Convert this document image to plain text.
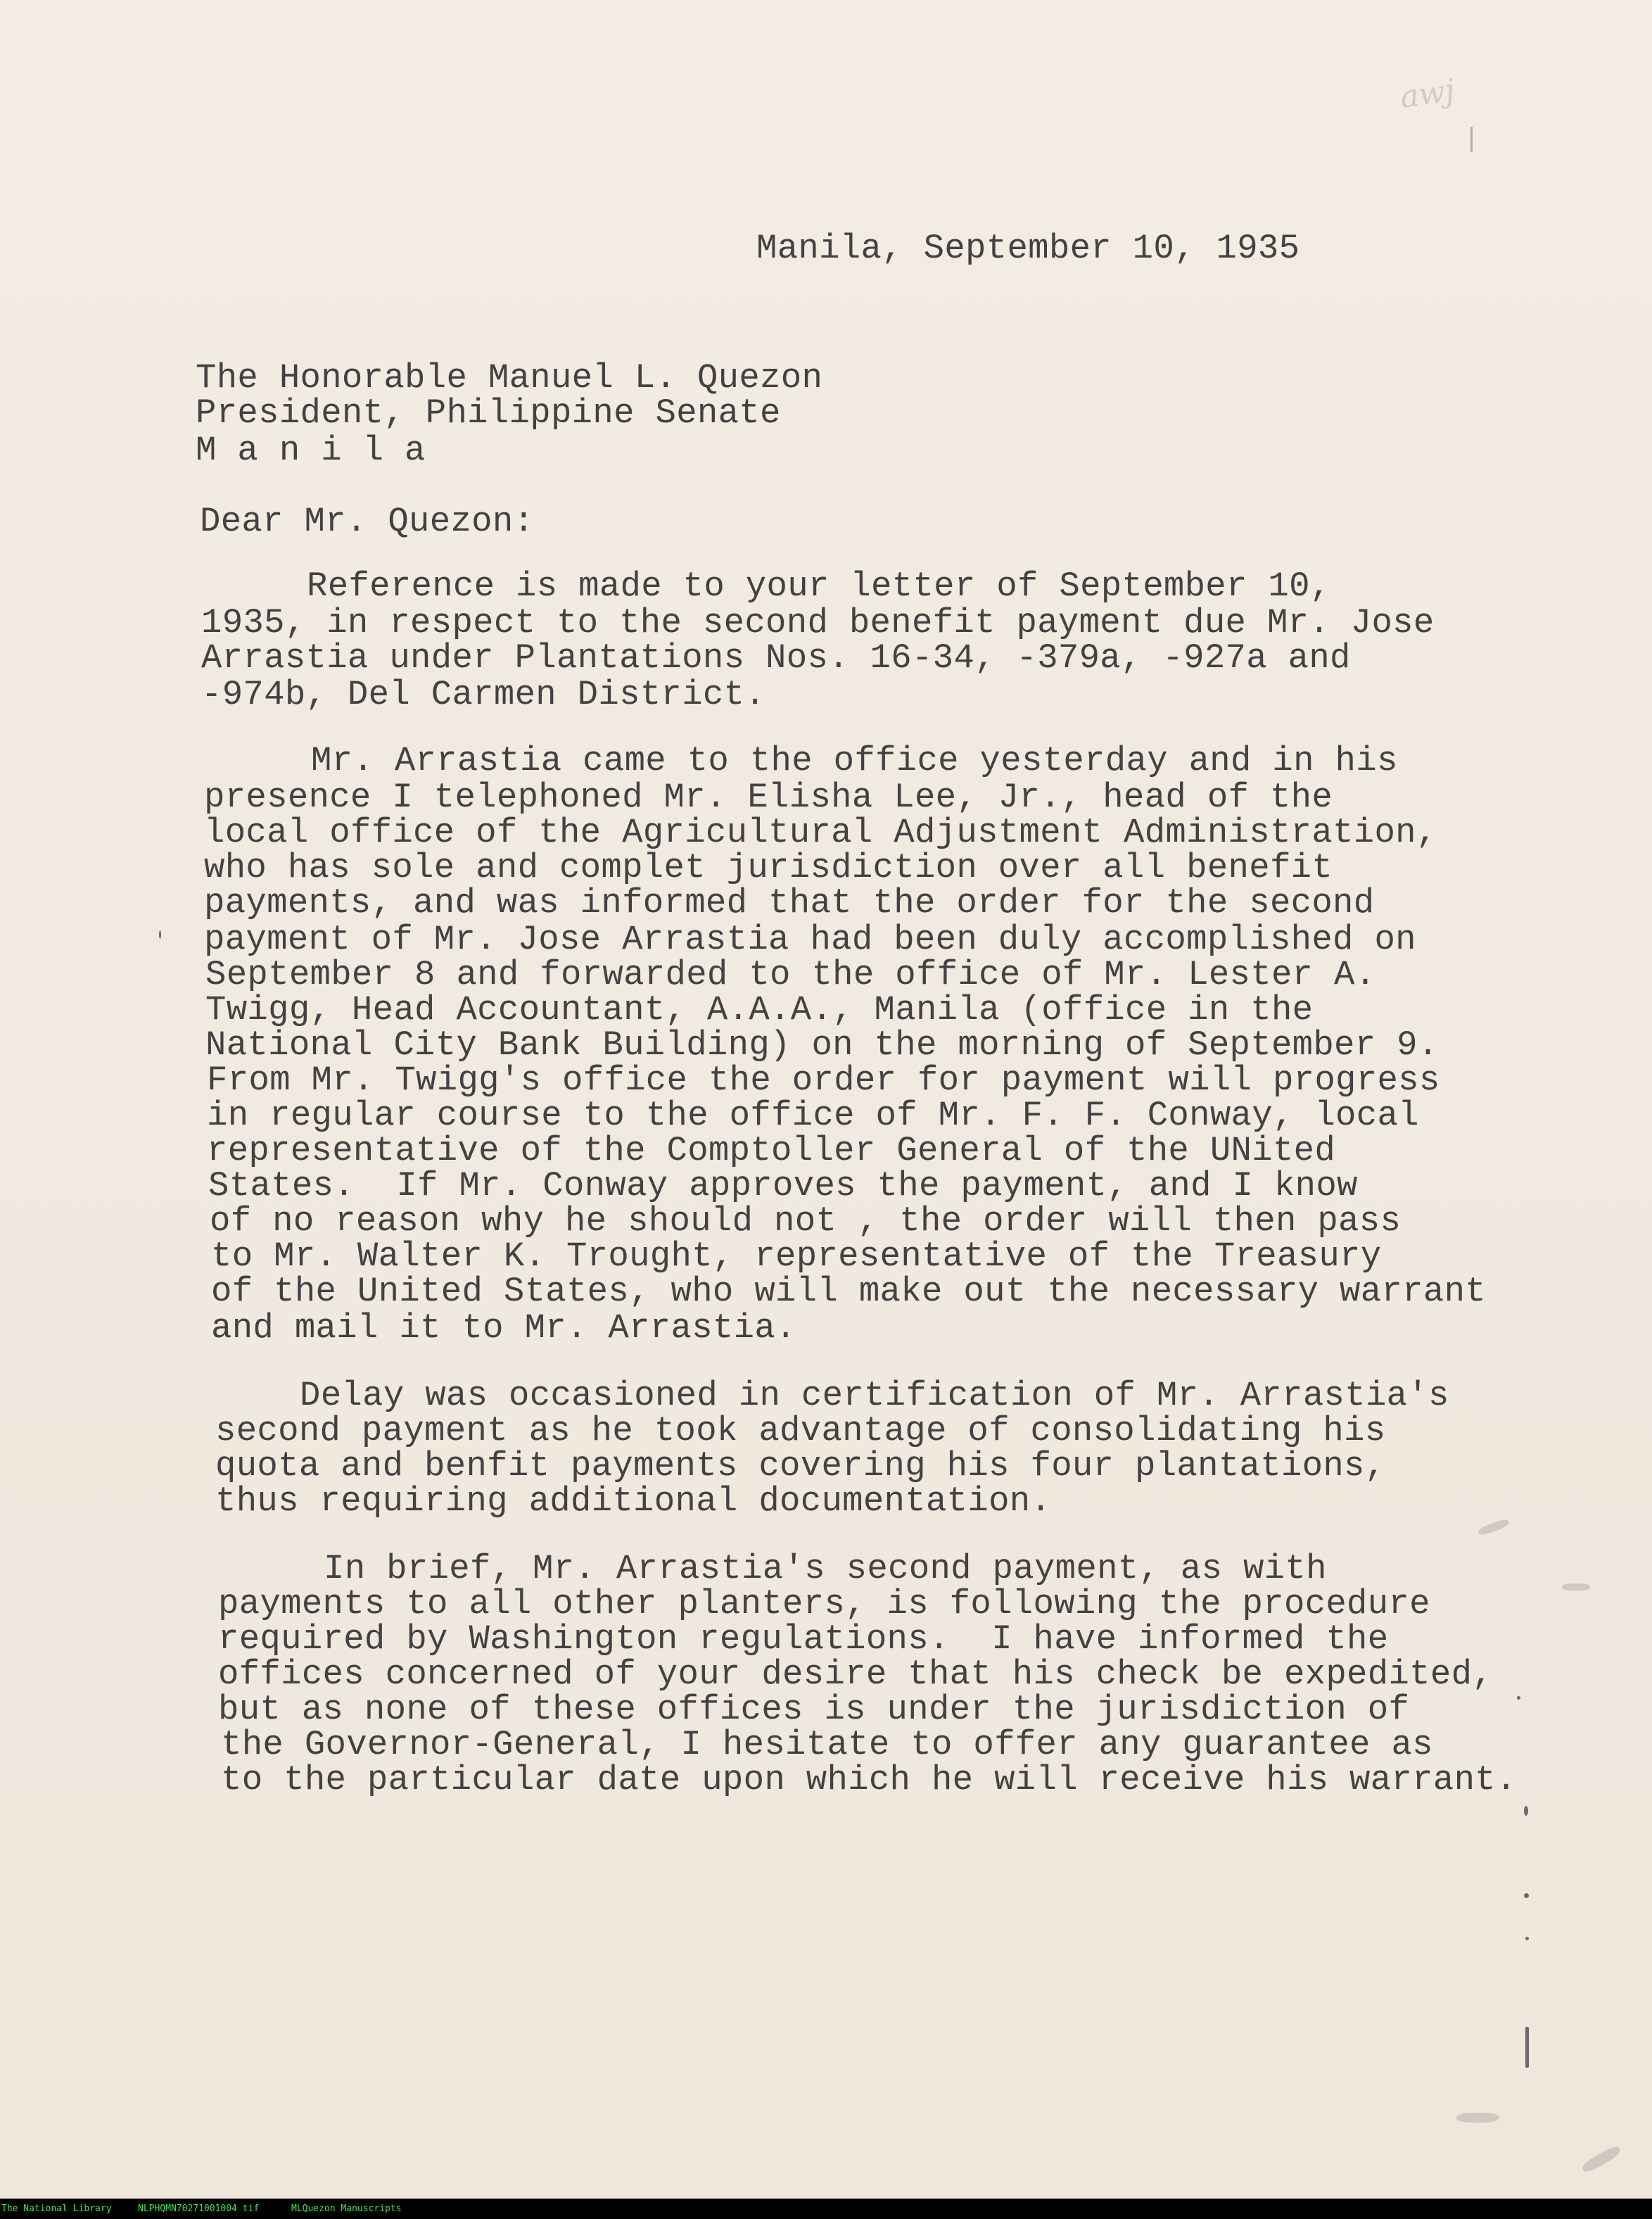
awj
Manila, September 10, 1935
The Honorable Manuel L. Quezon
President, Philippine Senate
M a n i l a
Dear Mr. Quezon:
Reference is made to your letter of September 10,
1935, in respect to the second benefit payment due Mr. Jose
Arrastia under Plantations Nos. 16-34, -379a, -927a and
-974b, Del Carmen District.
Mr. Arrastia came to the office yesterday and in his
presence I telephoned Mr. Elisha Lee, Jr., head of the
local office of the Agricultural Adjustment Administration,
who has sole and complet jurisdiction over all benefit
payments, and was informed that the order for the second
payment of Mr. Jose Arrastia had been duly accomplished on
September 8 and forwarded to the office of Mr. Lester A.
Twigg, Head Accountant, A.A.A., Manila (office in the
National City Bank Building) on the morning of September 9.
From Mr. Twigg's office the order for payment will progress
in regular course to the office of Mr. F. F. Conway, local
representative of the Comptoller General of the UNited
States.  If Mr. Conway approves the payment, and I know
of no reason why he should not , the order will then pass
to Mr. Walter K. Trought, representative of the Treasury
of the United States, who will make out the necessary warrant
and mail it to Mr. Arrastia.
Delay was occasioned in certification of Mr. Arrastia's
second payment as he took advantage of consolidating his
quota and benfit payments covering his four plantations,
thus requiring additional documentation.
In brief, Mr. Arrastia's second payment, as with
payments to all other planters, is following the procedure
required by Washington regulations.  I have informed the
offices concerned of your desire that his check be expedited,
but as none of these offices is under the jurisdiction of
the Governor-General, I hesitate to offer any guarantee as
to the particular date upon which he will receive his warrant.
The National Library	NLPHQMN70271001004 tif	MLQuezon Manuscripts
